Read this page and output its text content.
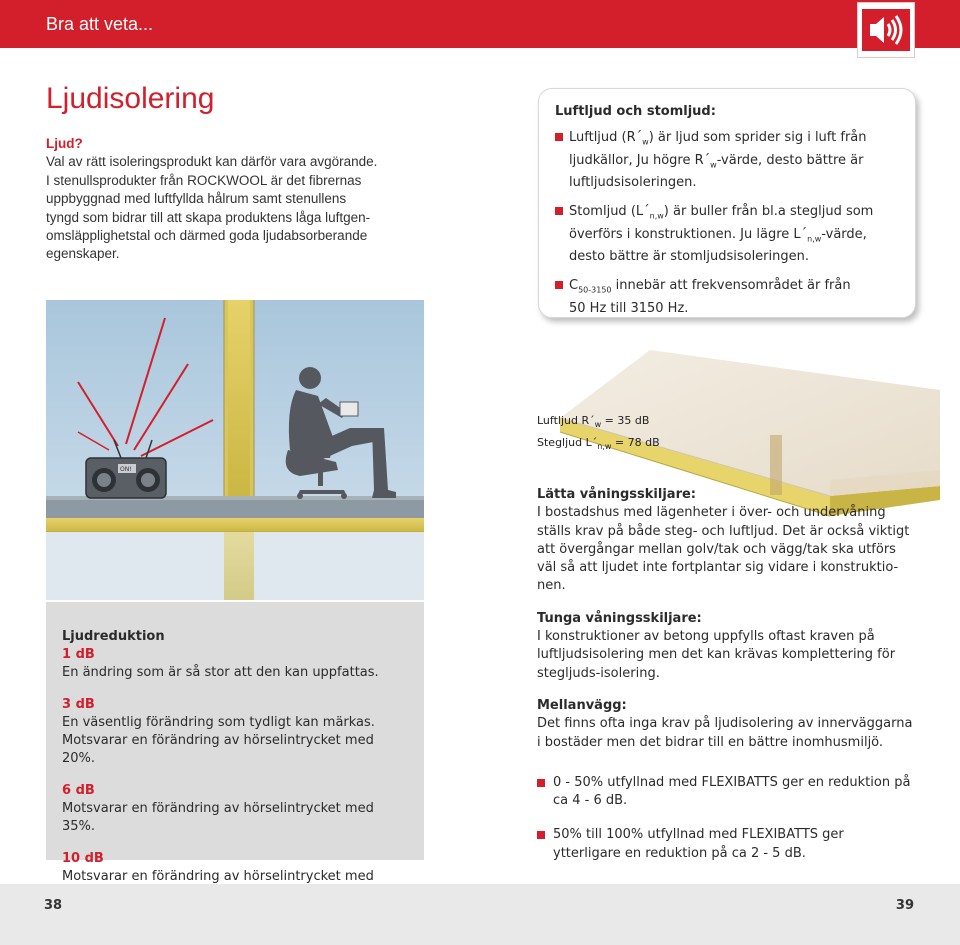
Bra att veta...
Ljudisolering
Ljud?
Val av rätt isoleringsprodukt kan därför vara avgörande.
I stenullsprodukter från ROCKWOOL är det fibrernas
uppbyggnad med luftfyllda hålrum samt stenullens
tyngd som bidrar till att skapa produktens låga luftgen-
omsläpplighetstal och därmed goda ljudabsorberande
egenskaper.
ON!
Luftljud $R´_w = 35$ dB
Stegljud $L´_{n,w} = 78$ dB
Luftljud och stomljud:
Luftljud $(R´_w)$ är ljud som sprider sig i luft från
ljudkällor, Ju högre $R´_w$-värde, desto bättre är
luftljudsisoleringen.
Stomljud $(L´_{n,w})$ är buller från bl.a stegljud som
överförs i konstruktionen. Ju lägre $L´_{n,w}$-värde,
desto bättre är stomljudsisoleringen.
$C_{50-3150}$ innebär att frekvensområdet är från
50 Hz till 3150 Hz.
Ljudreduktion
1 dB
En ändring som är så stor att den kan uppfattas.
3 dB
En väsentlig förändring som tydligt kan märkas.
Motsvarar en förändring av hörselintrycket med 20%.
6 dB
Motsvarar en förändring av hörselintrycket med 35%.
10 dB
Motsvarar en förändring av hörselintrycket med
Lätta våningsskiljare:
I bostadshus med lägenheter i över- och undervåning
ställs krav på både steg- och luftljud. Det är också viktigt
att övergångar mellan golv/tak och vägg/tak ska utförs
väl så att ljudet inte fortplantar sig vidare i konstruktio-
nen.
Tunga våningsskiljare:
I konstruktioner av betong uppfylls oftast kraven på
luftljudsisolering men det kan krävas komplettering för
stegljuds-isolering.
Mellanvägg:
Det finns ofta inga krav på ljudisolering av innerväggarna
i bostäder men det bidrar till en bättre inomhusmiljö.
0 - 50% utfyllnad med FLEXIBATTS ger en reduktion på
ca 4 - 6 dB.
50% till 100% utfyllnad med FLEXIBATTS ger
ytterligare en reduktion på ca 2 - 5 dB.
38	39
